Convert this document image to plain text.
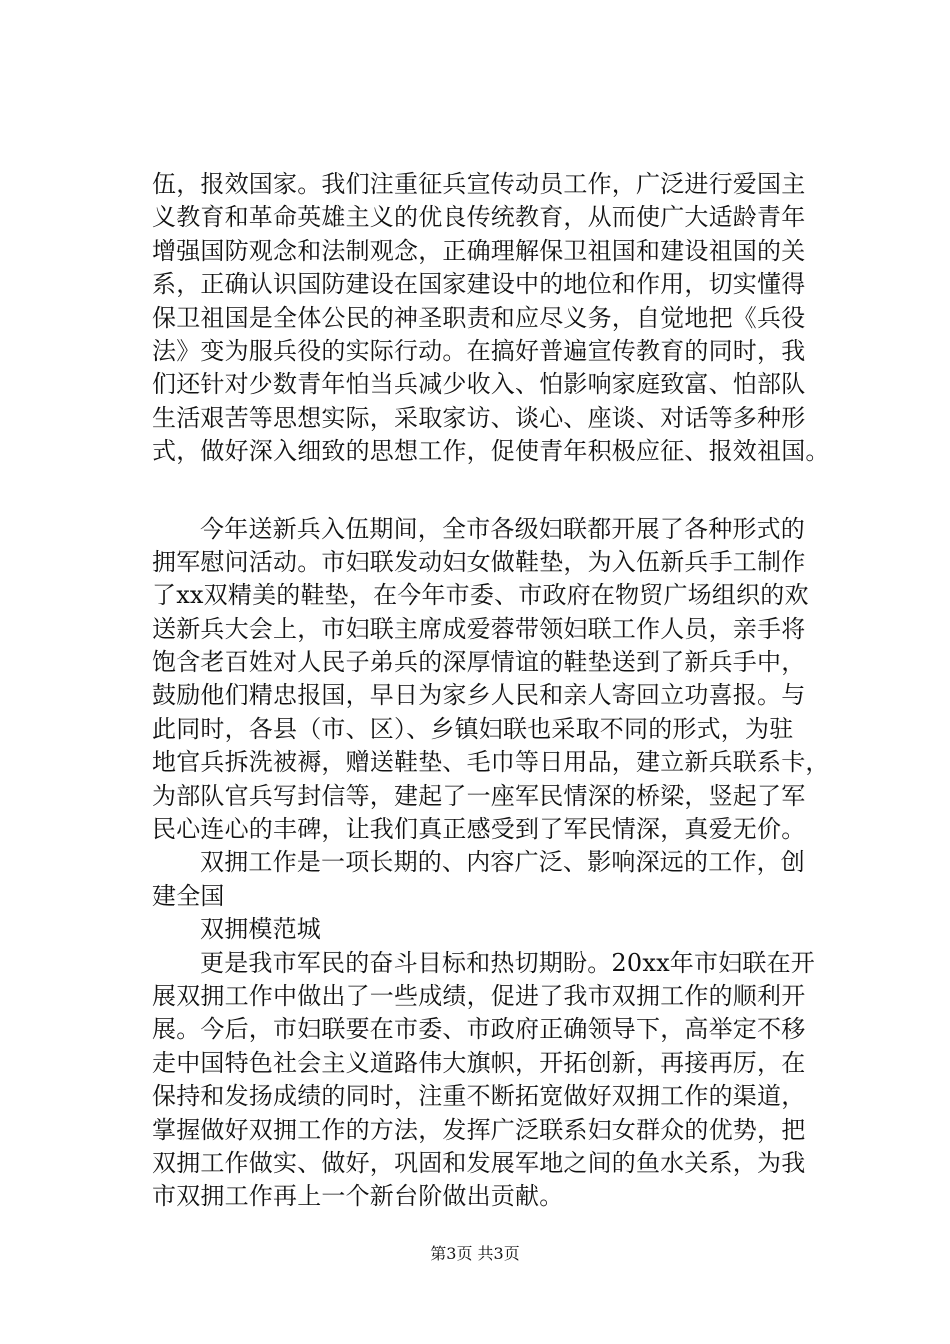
伍，报效国家。我们注重征兵宣传动员工作，广泛进行爱国主
义教育和革命英雄主义的优良传统教育，从而使广大适龄青年
增强国防观念和法制观念，正确理解保卫祖国和建设祖国的关
系，正确认识国防建设在国家建设中的地位和作用，切实懂得
保卫祖国是全体公民的神圣职责和应尽义务，自觉地把《兵役
法》变为服兵役的实际行动。在搞好普遍宣传教育的同时，我
们还针对少数青年怕当兵减少收入、怕影响家庭致富、怕部队
生活艰苦等思想实际，采取家访、谈心、座谈、对话等多种形
式，做好深入细致的思想工作，促使青年积极应征、报效祖国。
今年送新兵入伍期间，全市各级妇联都开展了各种形式的
拥军慰问活动。市妇联发动妇女做鞋垫，为入伍新兵手工制作
了xx双精美的鞋垫，在今年市委、市政府在物贸广场组织的欢
送新兵大会上，市妇联主席成爱蓉带领妇联工作人员，亲手将
饱含老百姓对人民子弟兵的深厚情谊的鞋垫送到了新兵手中，
鼓励他们精忠报国，早日为家乡人民和亲人寄回立功喜报。与
此同时，各县（市、区）、乡镇妇联也采取不同的形式，为驻
地官兵拆洗被褥，赠送鞋垫、毛巾等日用品，建立新兵联系卡，
为部队官兵写封信等，建起了一座军民情深的桥梁，竖起了军
民心连心的丰碑，让我们真正感受到了军民情深，真爱无价。
双拥工作是一项长期的、内容广泛、影响深远的工作，创
建全国
双拥模范城
更是我市军民的奋斗目标和热切期盼。20xx年市妇联在开
展双拥工作中做出了一些成绩，促进了我市双拥工作的顺利开
展。今后，市妇联要在市委、市政府正确领导下，高举定不移
走中国特色社会主义道路伟大旗帜，开拓创新，再接再厉，在
保持和发扬成绩的同时，注重不断拓宽做好双拥工作的渠道，
掌握做好双拥工作的方法，发挥广泛联系妇女群众的优势，把
双拥工作做实、做好，巩固和发展军地之间的鱼水关系，为我
市双拥工作再上一个新台阶做出贡献。
第3页 共3页
